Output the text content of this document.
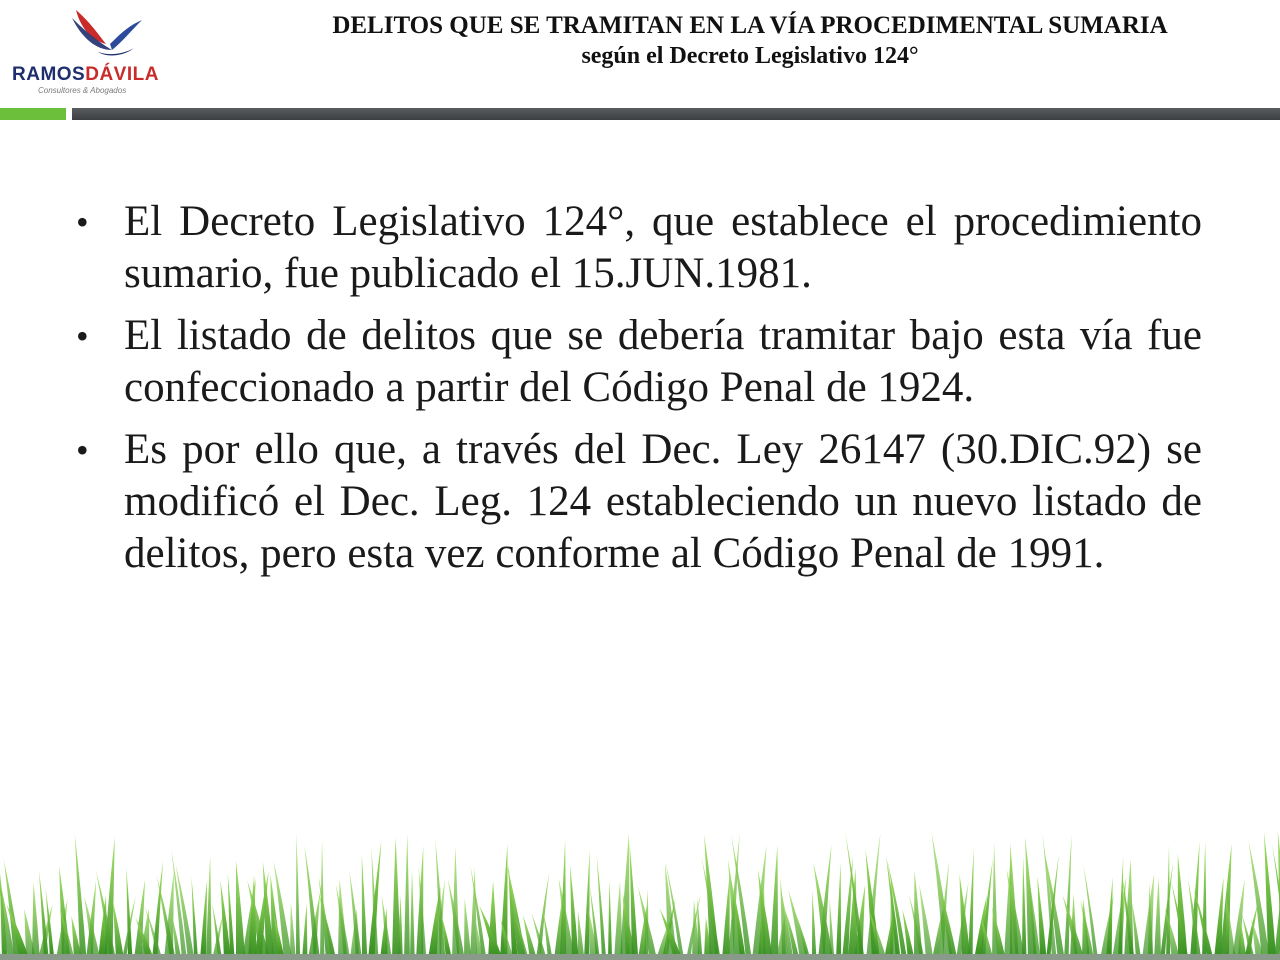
RAMOSDÁVILA
Consultores & Abogados
DELITOS QUE SE TRAMITAN EN LA VÍA PROCEDIMENTAL SUMARIA
según el Decreto Legislativo 124°
• El Decreto Legislativo 124°, que establece el procedimiento sumario, fue publicado el 15.JUN.1981.
• El listado de delitos que se debería tramitar bajo esta vía fue confeccionado a partir del Código Penal de 1924.
• Es por ello que, a través del Dec. Ley 26147 (30.DIC.92) se modificó el Dec. Leg. 124 estableciendo un nuevo listado de delitos, pero esta vez conforme al Código Penal de 1991.
